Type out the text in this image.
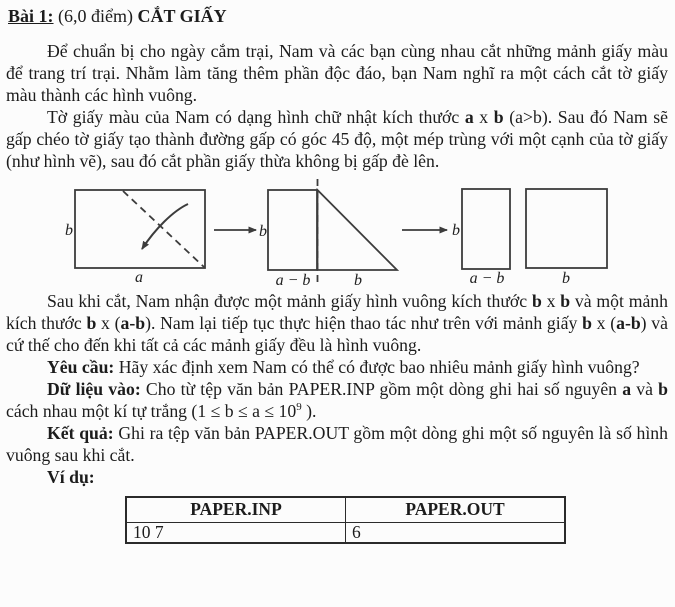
Bài 1: (6,0 điểm) CẮT GIẤY

Để chuẩn bị cho ngày cắm trại, Nam và các bạn cùng nhau cắt những mảnh giấy màu để trang trí trại. Nhằm làm tăng thêm phần độc đáo, bạn Nam nghĩ ra một cách cắt tờ giấy màu thành các hình vuông.

Tờ giấy màu của Nam có dạng hình chữ nhật kích thước a x b (a>b). Sau đó Nam sẽ gấp chéo tờ giấy tạo thành đường gấp có góc 45 độ, một mép trùng với một cạnh của tờ giấy (như hình vẽ), sau đó cắt phần giấy thừa không bị gấp đè lên.

b
a
b
a − b	b
b
a − b	b

Sau khi cắt, Nam nhận được một mảnh giấy hình vuông kích thước b x b và một mảnh kích thước b x (a-b). Nam lại tiếp tục thực hiện thao tác như trên với mảnh giấy b x (a-b) và cứ thế cho đến khi tất cả các mảnh giấy đều là hình vuông.

Yêu cầu: Hãy xác định xem Nam có thể có được bao nhiêu mảnh giấy hình vuông?

Dữ liệu vào: Cho từ tệp văn bản PAPER.INP gồm một dòng ghi hai số nguyên a và b cách nhau một kí tự trắng ($1 \le b \le a \le 10^9$ ).

Kết quả: Ghi ra tệp văn bản PAPER.OUT gồm một dòng ghi một số nguyên là số hình vuông sau khi cắt.

Ví dụ:

PAPER.INP	PAPER.OUT
10 7	6
